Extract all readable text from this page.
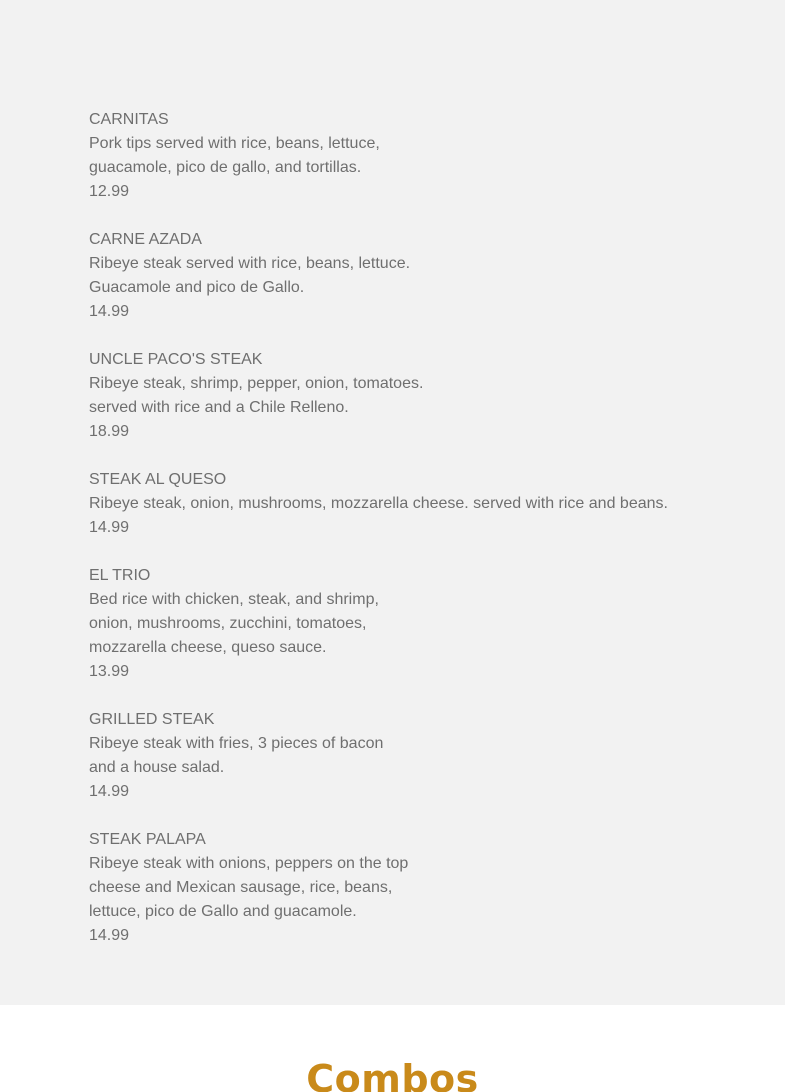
CARNITAS
Pork tips served with rice, beans, lettuce,
guacamole, pico de gallo, and tortillas.
12.99
CARNE AZADA
Ribeye steak served with rice, beans, lettuce.
Guacamole and pico de Gallo.
14.99
UNCLE PACO'S STEAK
Ribeye steak, shrimp, pepper, onion, tomatoes.
served with rice and a Chile Relleno.
18.99
STEAK AL QUESO
Ribeye steak, onion, mushrooms, mozzarella cheese. served with rice and beans.
14.99
EL TRIO
Bed rice with chicken, steak, and shrimp,
onion, mushrooms, zucchini, tomatoes,
mozzarella cheese, queso sauce.
13.99
GRILLED STEAK
Ribeye steak with fries, 3 pieces of bacon
and a house salad.
14.99
STEAK PALAPA
Ribeye steak with onions, peppers on the top
cheese and Mexican sausage, rice, beans,
lettuce, pico de Gallo and guacamole.
14.99
Combos
